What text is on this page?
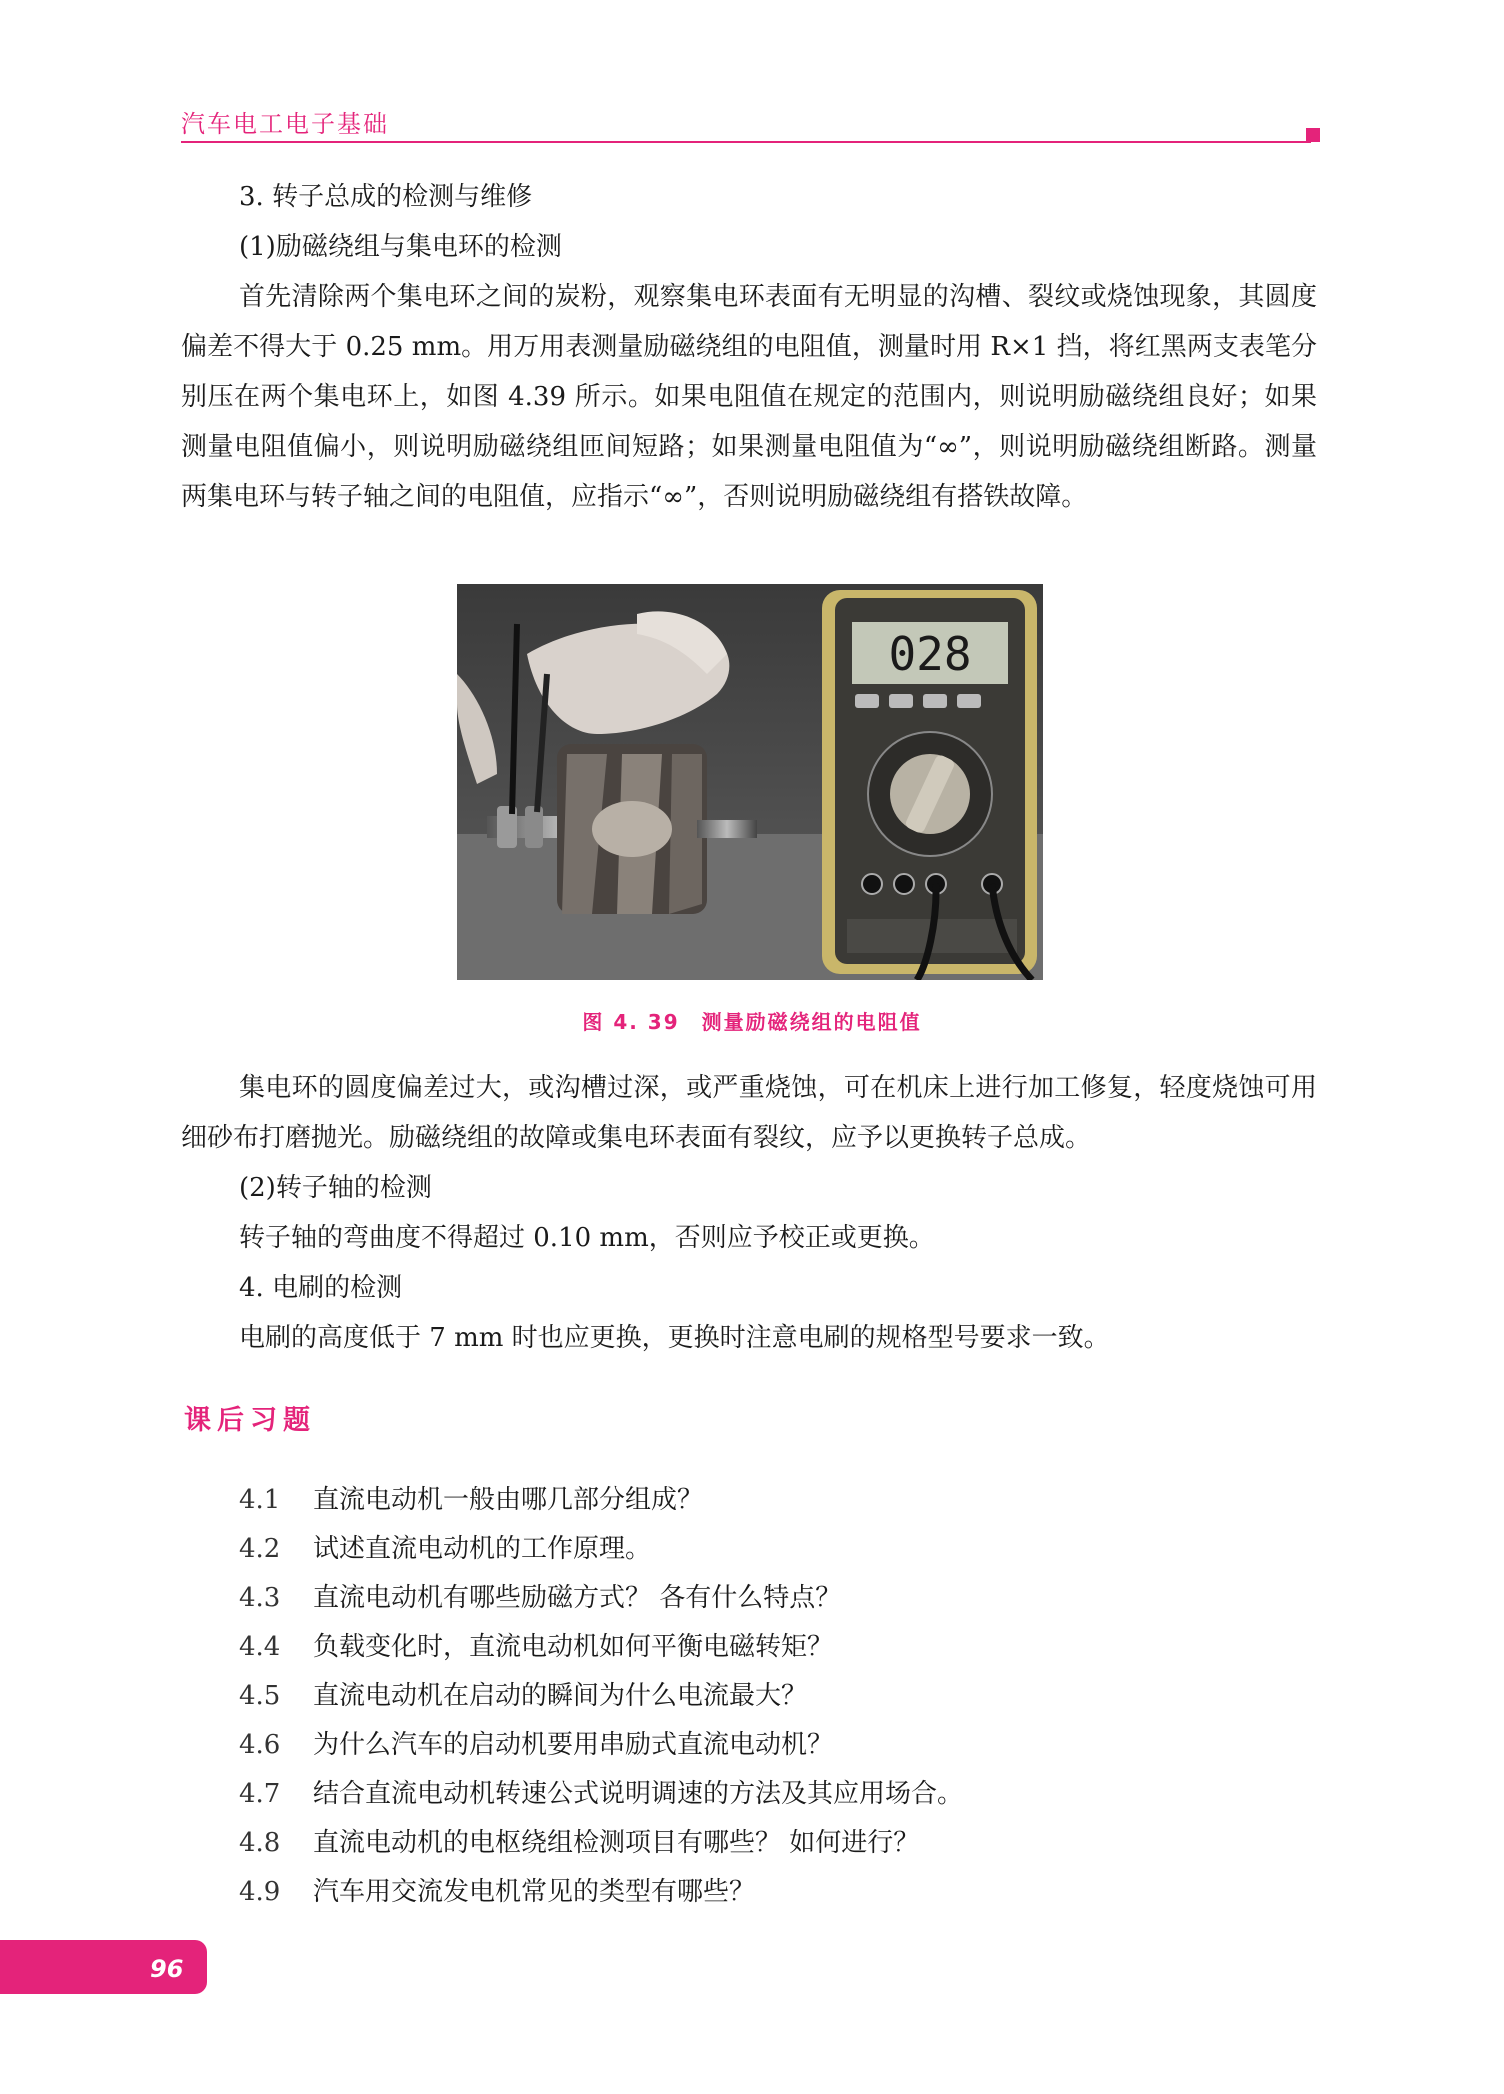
汽车电工电子基础

3. 转子总成的检测与维修

(1)励磁绕组与集电环的检测

首先清除两个集电环之间的炭粉，观察集电环表面有无明显的沟槽、裂纹或烧蚀现象，其圆度偏差不得大于 0.25 mm。用万用表测量励磁绕组的电阻值，测量时用 R×1 挡，将红黑两支表笔分别压在两个集电环上，如图 4.39 所示。如果电阻值在规定的范围内，则说明励磁绕组良好；如果测量电阻值偏小，则说明励磁绕组匝间短路；如果测量电阻值为“∞”，则说明励磁绕组断路。测量两集电环与转子轴之间的电阻值，应指示“∞”，否则说明励磁绕组有搭铁故障。

028
图 4. 39　测量励磁绕组的电阻值

集电环的圆度偏差过大，或沟槽过深，或严重烧蚀，可在机床上进行加工修复，轻度烧蚀可用细砂布打磨抛光。励磁绕组的故障或集电环表面有裂纹，应予以更换转子总成。

(2)转子轴的检测

转子轴的弯曲度不得超过 0.10 mm，否则应予校正或更换。

4. 电刷的检测

电刷的高度低于 7 mm 时也应更换，更换时注意电刷的规格型号要求一致。

课后习题
4.1	直流电动机一般由哪几部分组成？
4.2	试述直流电动机的工作原理。
4.3	直流电动机有哪些励磁方式？ 各有什么特点？
4.4	负载变化时，直流电动机如何平衡电磁转矩？
4.5	直流电动机在启动的瞬间为什么电流最大？
4.6	为什么汽车的启动机要用串励式直流电动机？
4.7	结合直流电动机转速公式说明调速的方法及其应用场合。
4.8	直流电动机的电枢绕组检测项目有哪些？ 如何进行？
4.9	汽车用交流发电机常见的类型有哪些？
96
